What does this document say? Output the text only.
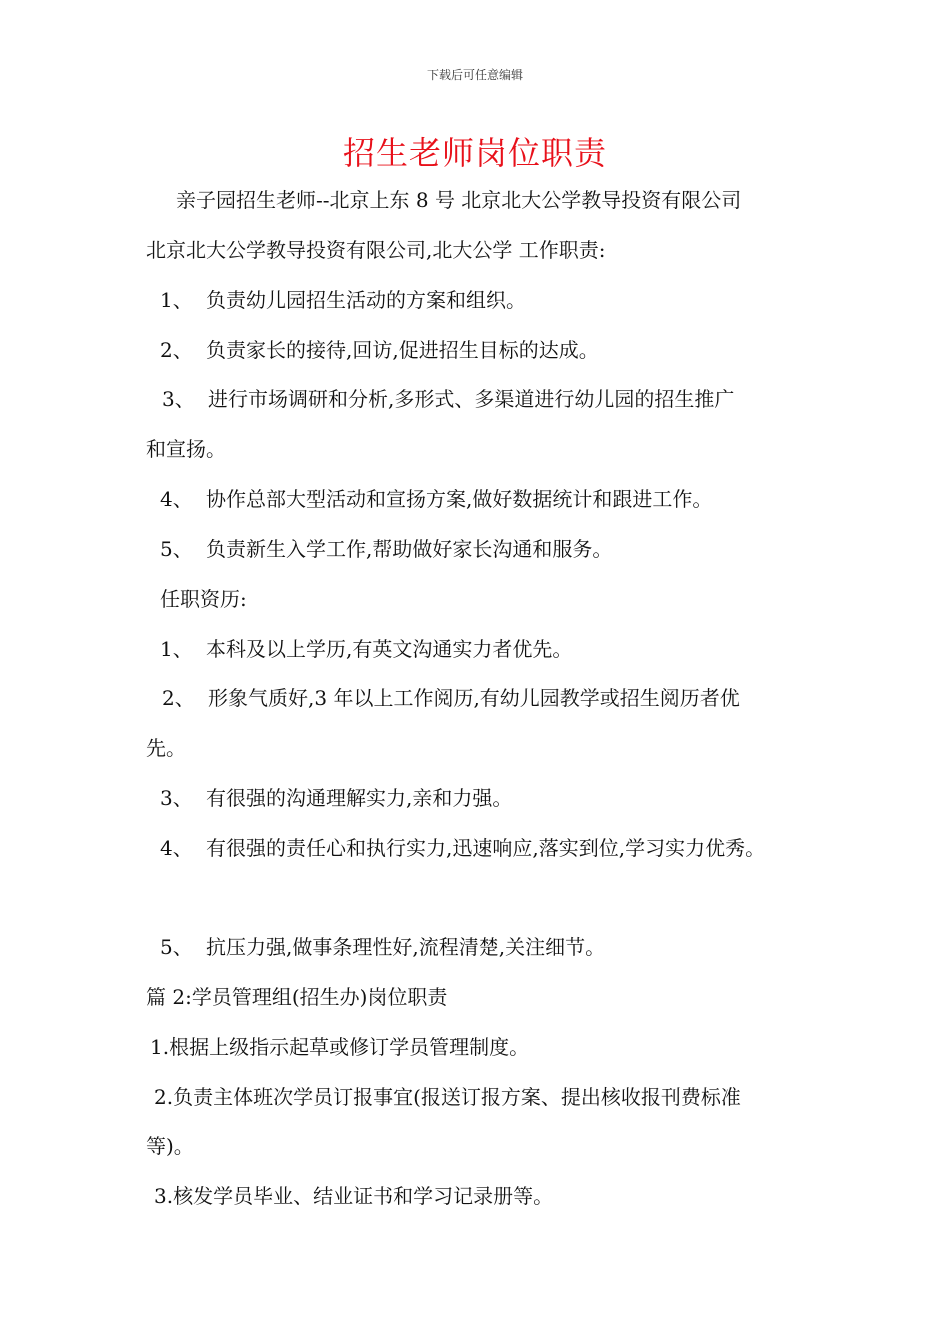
下载后可任意编辑
招生老师岗位职责
亲子园招生老师--北京上东 8 号 北京北大公学教导投资有限公司
北京北大公学教导投资有限公司,北大公学 工作职责:
1、 负责幼儿园招生活动的方案和组织。
2、 负责家长的接待,回访,促进招生目标的达成。
3、 进行市场调研和分析,多形式、多渠道进行幼儿园的招生推广
和宣扬。
4、 协作总部大型活动和宣扬方案,做好数据统计和跟进工作。
5、 负责新生入学工作,帮助做好家长沟通和服务。
任职资历:
1、 本科及以上学历,有英文沟通实力者优先。
2、 形象气质好,3 年以上工作阅历,有幼儿园教学或招生阅历者优
先。
3、 有很强的沟通理解实力,亲和力强。
4、 有很强的责任心和执行实力,迅速响应,落实到位,学习实力优秀。
5、 抗压力强,做事条理性好,流程清楚,关注细节。
篇 2:学员管理组(招生办)岗位职责
1.根据上级指示起草或修订学员管理制度。
2.负责主体班次学员订报事宜(报送订报方案、提出核收报刊费标准
等)。
3.核发学员毕业、结业证书和学习记录册等。
